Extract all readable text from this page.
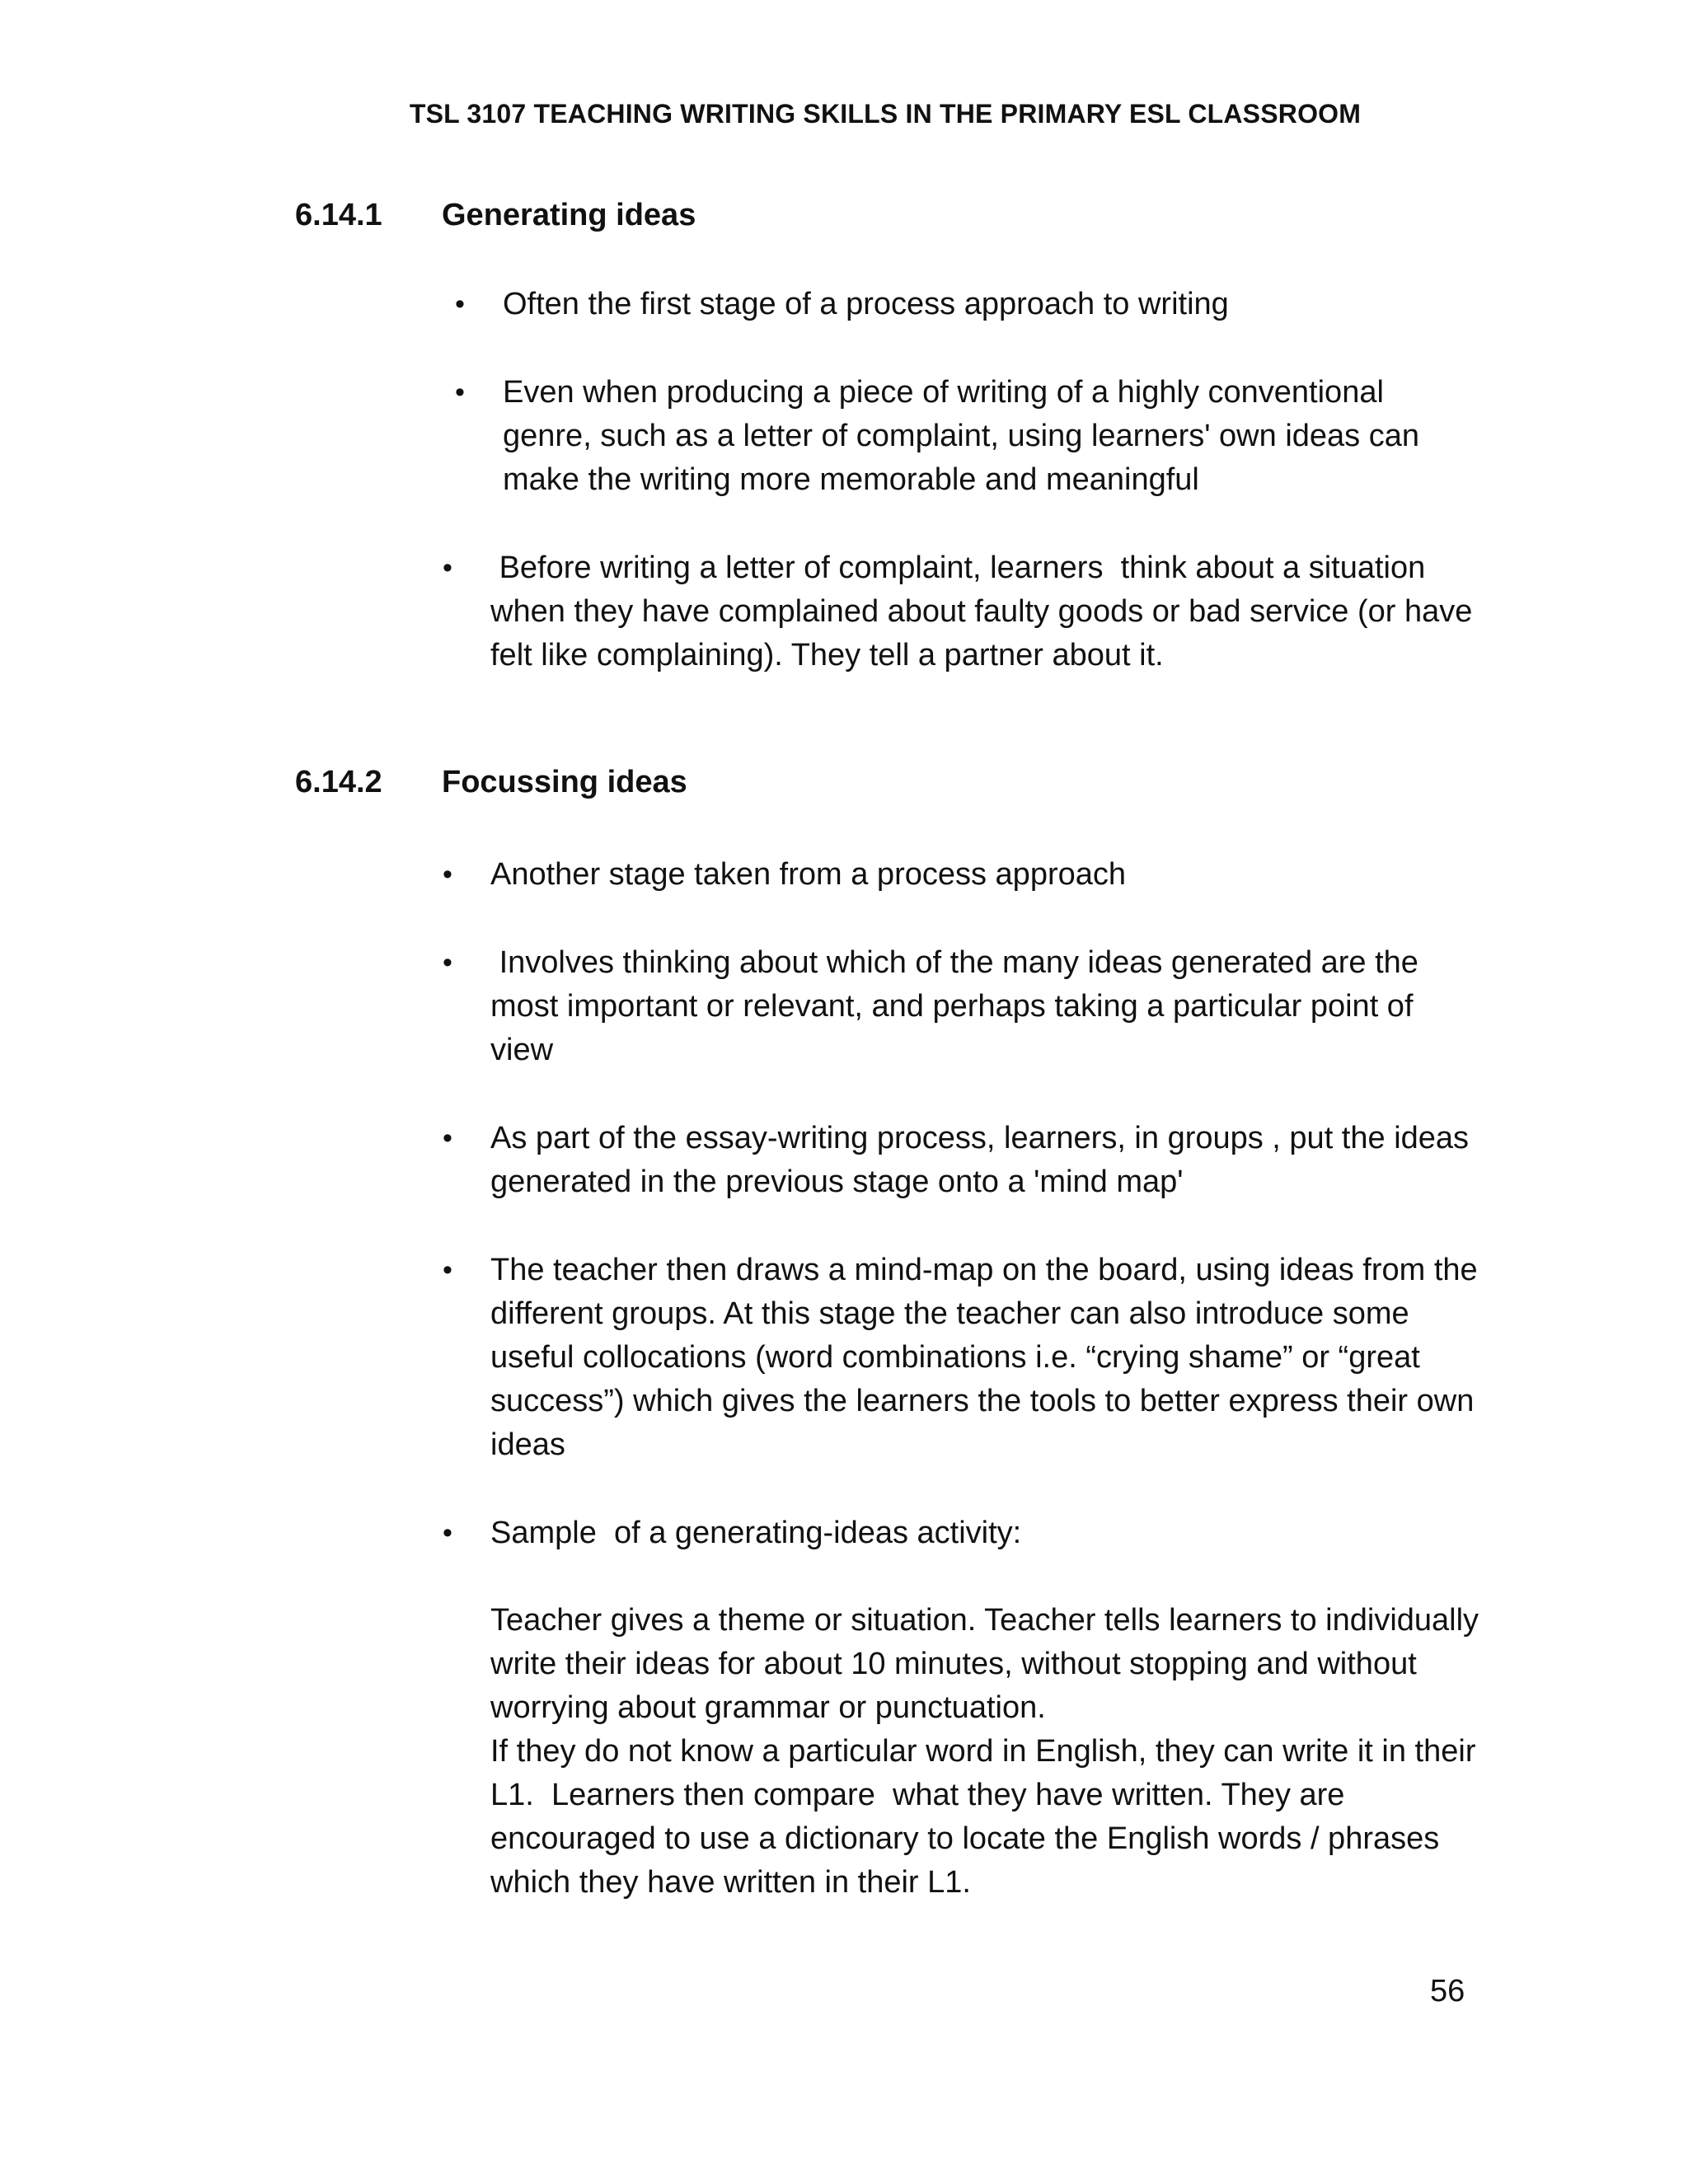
TSL 3107 TEACHING WRITING SKILLS IN THE PRIMARY ESL CLASSROOM
6.14.1 Generating ideas
• Often the first stage of a process approach to writing
• Even when producing a piece of writing of a highly conventional genre, such as a letter of complaint, using learners' own ideas can make the writing more memorable and meaningful
• Before writing a letter of complaint, learners  think about a situation when they have complained about faulty goods or bad service (or have felt like complaining). They tell a partner about it.
6.14.2 Focussing ideas
• Another stage taken from a process approach
• Involves thinking about which of the many ideas generated are the most important or relevant, and perhaps taking a particular point of view
• As part of the essay-writing process, learners, in groups , put the ideas generated in the previous stage onto a 'mind map'
• The teacher then draws a mind-map on the board, using ideas from the different groups. At this stage the teacher can also introduce some useful collocations (word combinations i.e. “crying shame” or “great success”) which gives the learners the tools to better express their own ideas
• Sample  of a generating-ideas activity:
Teacher gives a theme or situation. Teacher tells learners to individually write their ideas for about 10 minutes, without stopping and without worrying about grammar or punctuation.
If they do not know a particular word in English, they can write it in their L1.  Learners then compare  what they have written. They are encouraged to use a dictionary to locate the English words / phrases which they have written in their L1.
56
